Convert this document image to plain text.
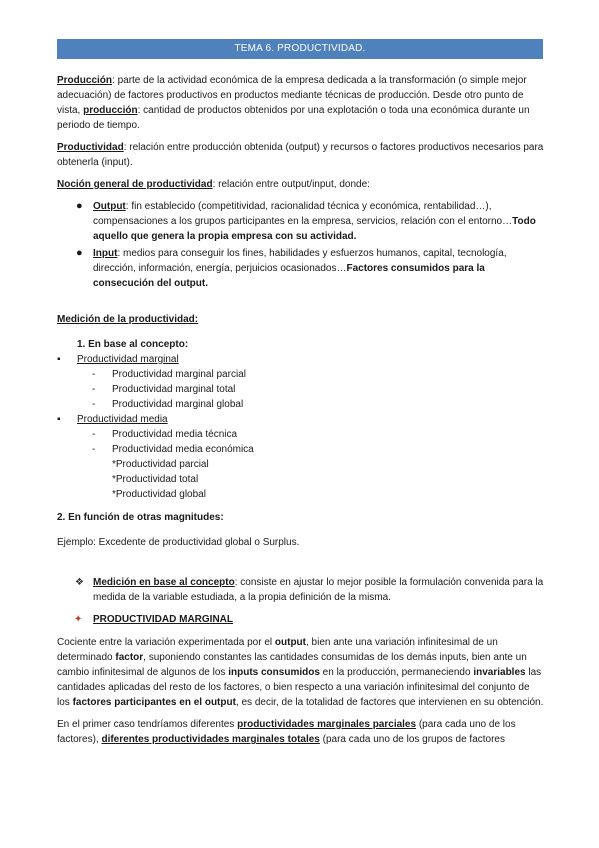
TEMA 6. PRODUCTIVIDAD.

Producción: parte de la actividad económica de la empresa dedicada a la transformación (o simple mejor adecuación) de factores productivos en productos mediante técnicas de producción. Desde otro punto de vista, producción: cantidad de productos obtenidos por una explotación o toda una económica durante un periodo de tiempo.

Productividad: relación entre producción obtenida (output) y recursos o factores productivos necesarios para obtenerla (input).

Noción general de productividad: relación entre output/input, donde:

● Output: fin establecido (competitividad, racionalidad técnica y económica, rentabilidad…), compensaciones a los grupos participantes en la empresa, servicios, relación con el entorno…Todo aquello que genera la propia empresa con su actividad.
● Input: medios para conseguir los fines, habilidades y esfuerzos humanos, capital, tecnología, dirección, información, energía, perjuicios ocasionados…Factores consumidos para la consecución del output.

Medición de la productividad:

1. En base al concepto:
▪ Productividad marginal
- Productividad marginal parcial
- Productividad marginal total
- Productividad marginal global
▪ Productividad media
- Productividad media técnica
- Productividad media económica
*Productividad parcial
*Productividad total
*Productividad global

2. En función de otras magnitudes:

Ejemplo: Excedente de productividad global o Surplus.

❖ Medición en base al concepto: consiste en ajustar lo mejor posible la formulación convenida para la medida de la variable estudiada, a la propia definición de la misma.
✦ PRODUCTIVIDAD MARGINAL

Cociente entre la variación experimentada por el output, bien ante una variación infinitesimal de un determinado factor, suponiendo constantes las cantidades consumidas de los demás inputs, bien ante un cambio infinitesimal de algunos de los inputs consumidos en la producción, permaneciendo invariables las cantidades aplicadas del resto de los factores, o bien respecto a una variación infinitesimal del conjunto de los factores participantes en el output, es decir, de la totalidad de factores que intervienen en su obtención.

En el primer caso tendríamos diferentes productividades marginales parciales (para cada uno de los factores), diferentes productividades marginales totales (para cada uno de los grupos de factores
